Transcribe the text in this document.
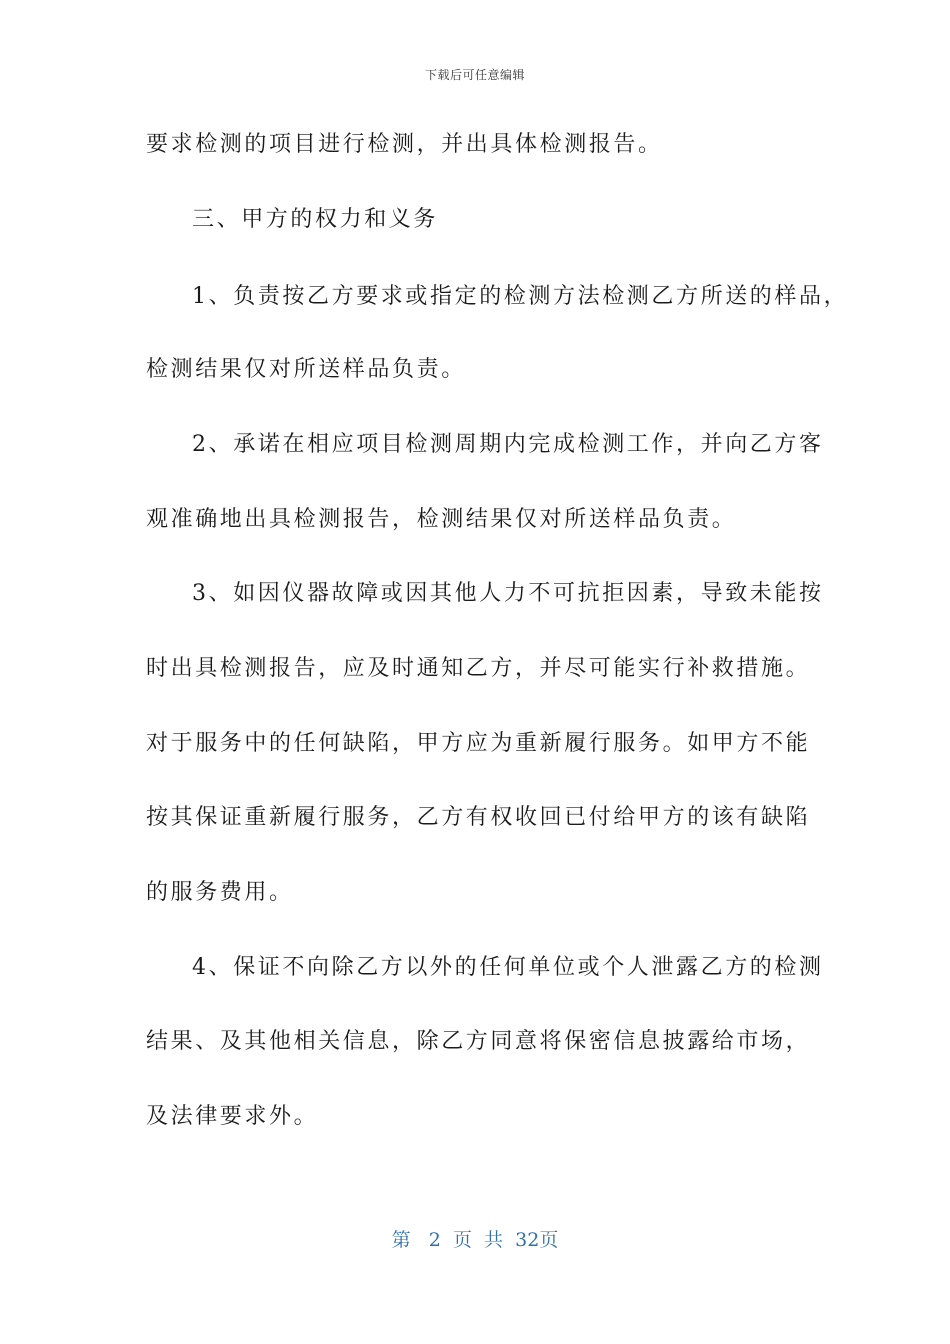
下载后可任意编辑
要求检测的项目进行检测，并出具体检测报告。
三、甲方的权力和义务
1、负责按乙方要求或指定的检测方法检测乙方所送的样品，
检测结果仅对所送样品负责。
2、承诺在相应项目检测周期内完成检测工作，并向乙方客
观准确地出具检测报告，检测结果仅对所送样品负责。
3、如因仪器故障或因其他人力不可抗拒因素，导致未能按
时出具检测报告，应及时通知乙方，并尽可能实行补救措施。
对于服务中的任何缺陷，甲方应为重新履行服务。如甲方不能
按其保证重新履行服务，乙方有权收回已付给甲方的该有缺陷
的服务费用。
4、保证不向除乙方以外的任何单位或个人泄露乙方的检测
结果、及其他相关信息，除乙方同意将保密信息披露给市场，
及法律要求外。
第 2 页  共 32页
